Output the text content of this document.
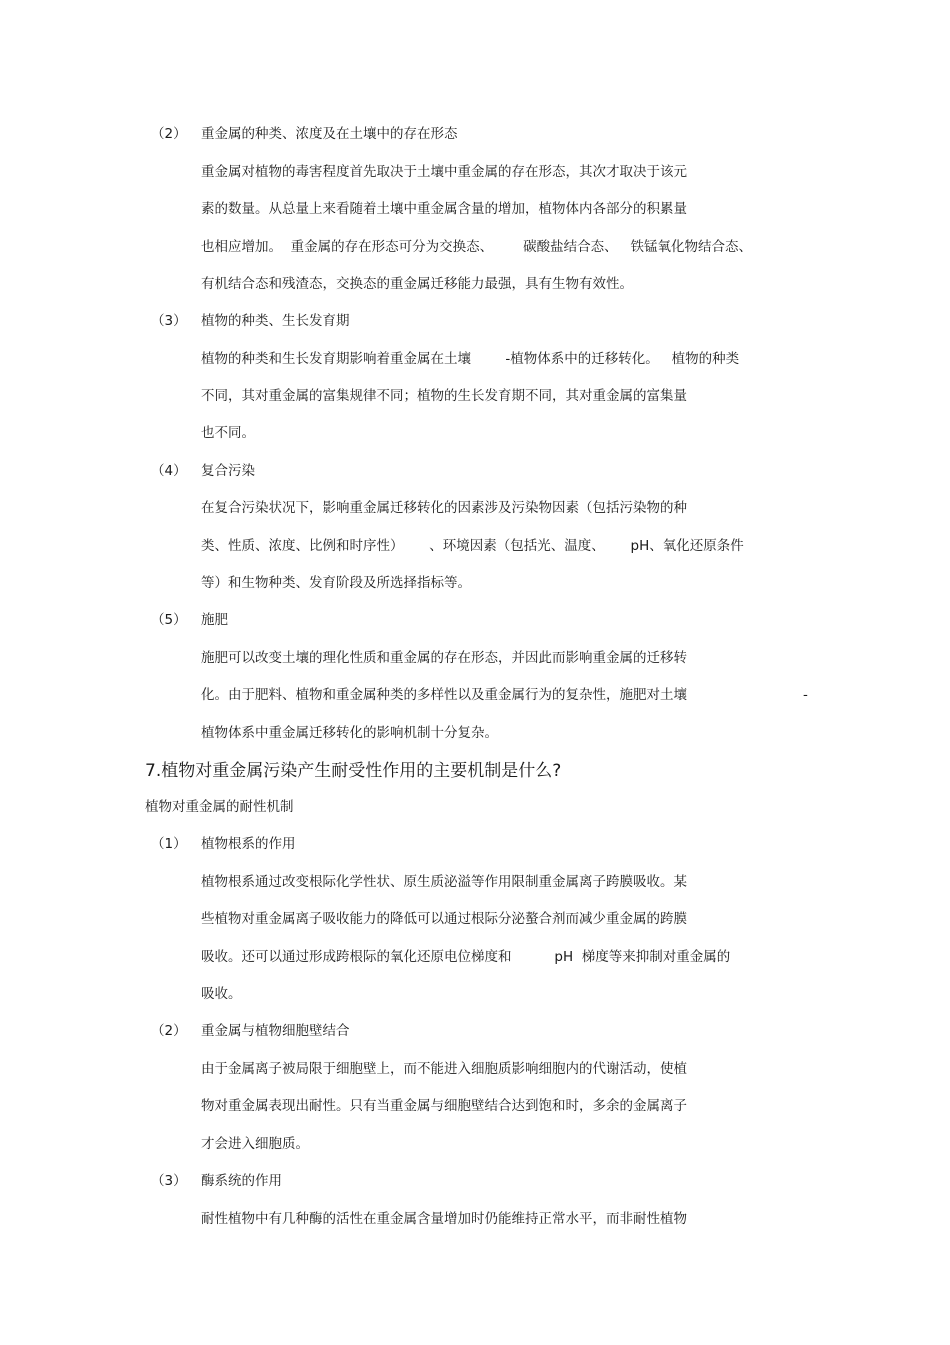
（2） 重金属的种类、浓度及在土壤中的存在形态
重金属对植物的毒害程度首先取决于土壤中重金属的存在形态，其次才取决于该元
素的数量。从总量上来看随着土壤中重金属含量的增加，植物体内各部分的积累量
也相应增加。  重金属的存在形态可分为交换态、       碳酸盐结合态、   铁锰氧化物结合态、
有机结合态和残渣态，交换态的重金属迁移能力最强，具有生物有效性。
（3） 植物的种类、生长发育期
植物的种类和生长发育期影响着重金属在土壤        -植物体系中的迁移转化。   植物的种类
不同，其对重金属的富集规律不同；植物的生长发育期不同，其对重金属的富集量
也不同。
（4） 复合污染
在复合污染状况下，影响重金属迁移转化的因素涉及污染物因素（包括污染物的种
类、性质、浓度、比例和时序性）      、环境因素（包括光、温度、      pH、氧化还原条件
等）和生物种类、发育阶段及所选择指标等。
（5） 施肥
施肥可以改变土壤的理化性质和重金属的存在形态，并因此而影响重金属的迁移转
化。由于肥料、植物和重金属种类的多样性以及重金属行为的复杂性，施肥对土壤	-
植物体系中重金属迁移转化的影响机制十分复杂。
7.植物对重金属污染产生耐受性作用的主要机制是什么?
植物对重金属的耐性机制
（1） 植物根系的作用
植物根系通过改变根际化学性状、原生质泌溢等作用限制重金属离子跨膜吸收。某
些植物对重金属离子吸收能力的降低可以通过根际分泌螯合剂而减少重金属的跨膜
吸收。还可以通过形成跨根际的氧化还原电位梯度和          pH  梯度等来抑制对重金属的
吸收。
（2） 重金属与植物细胞壁结合
由于金属离子被局限于细胞壁上，而不能进入细胞质影响细胞内的代谢活动，使植
物对重金属表现出耐性。只有当重金属与细胞壁结合达到饱和时，多余的金属离子
才会进入细胞质。
（3） 酶系统的作用
耐性植物中有几种酶的活性在重金属含量增加时仍能维持正常水平，而非耐性植物
